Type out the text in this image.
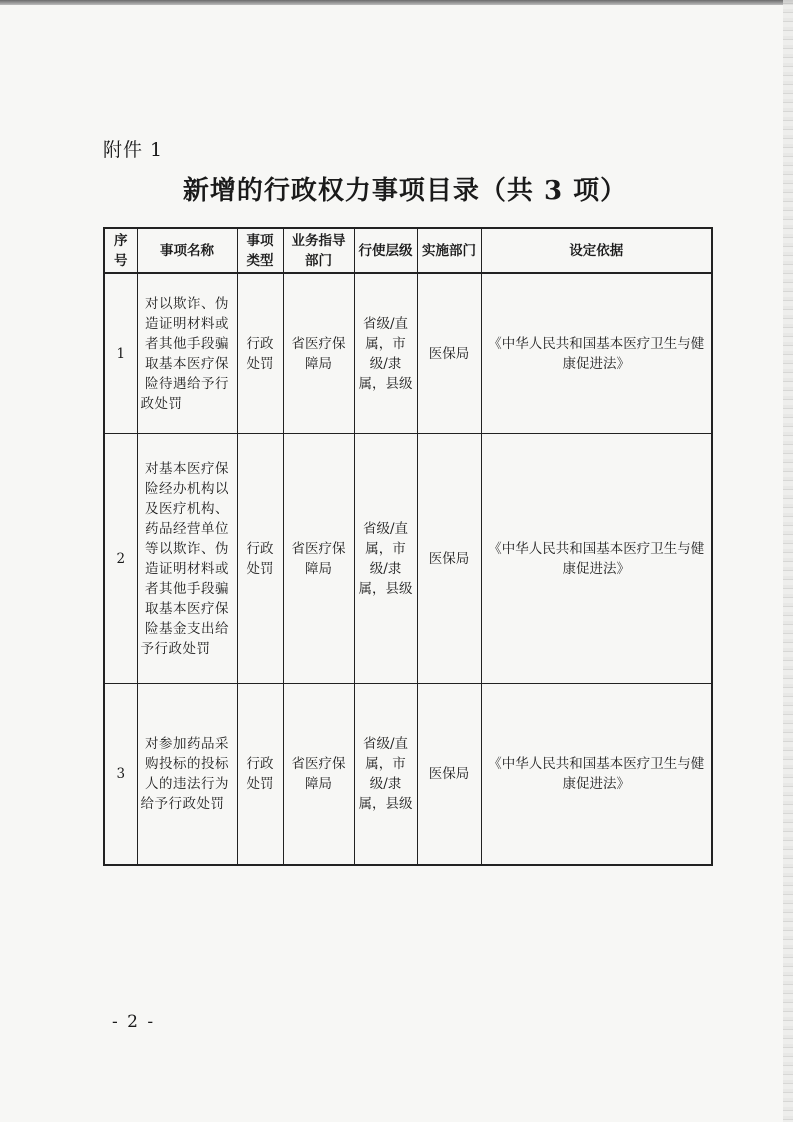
附件 1
新增的行政权力事项目录（共 3 项）
序号	事项名称	事项类型	业务指导部门	行使层级	实施部门	设定依据
1	对以欺诈、伪造证明材料或者其他手段骗取基本医疗保险待遇给予行政处罚	行政处罚	省医疗保障局	省级/直属，市级/隶属，县级	医保局	《中华人民共和国基本医疗卫生与健康促进法》
2	对基本医疗保险经办机构以及医疗机构、药品经营单位等以欺诈、伪造证明材料或者其他手段骗取基本医疗保险基金支出给予行政处罚	行政处罚	省医疗保障局	省级/直属，市级/隶属，县级	医保局	《中华人民共和国基本医疗卫生与健康促进法》
3	对参加药品采购投标的投标人的违法行为给予行政处罚	行政处罚	省医疗保障局	省级/直属，市级/隶属，县级	医保局	《中华人民共和国基本医疗卫生与健康促进法》
- 2 -
